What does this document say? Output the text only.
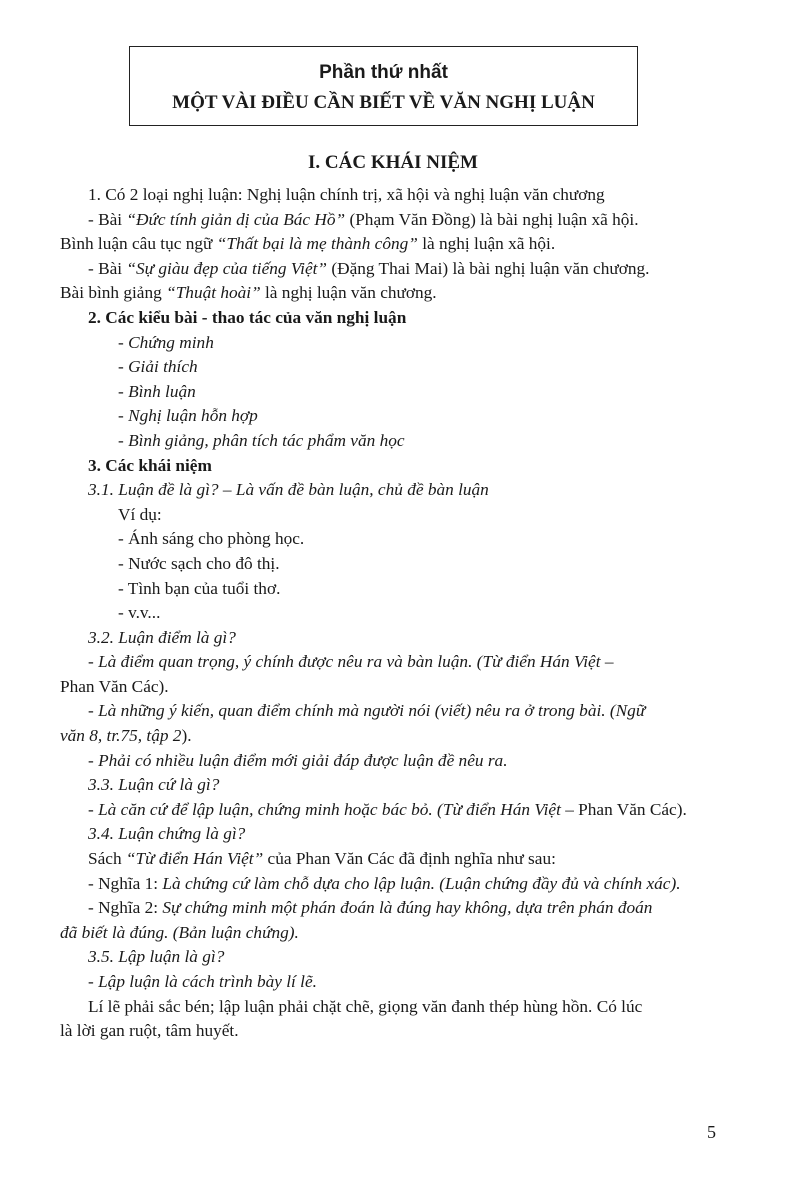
Phần thứ nhất
MỘT VÀI ĐIỀU CẦN BIẾT VỀ VĂN NGHỊ LUẬN
I. CÁC KHÁI NIỆM
1. Có 2 loại nghị luận: Nghị luận chính trị, xã hội và nghị luận văn chương
- Bài “Đức tính giản dị của Bác Hồ” (Phạm Văn Đồng) là bài nghị luận xã hội.
Bình luận câu tục ngữ “Thất bại là mẹ thành công” là nghị luận xã hội.
- Bài “Sự giàu đẹp của tiếng Việt” (Đặng Thai Mai) là bài nghị luận văn chương.
Bài bình giảng “Thuật hoài” là nghị luận văn chương.
2. Các kiểu bài - thao tác của văn nghị luận
- Chứng minh
- Giải thích
- Bình luận
- Nghị luận hỗn hợp
- Bình giảng, phân tích tác phẩm văn học
3. Các khái niệm
3.1. Luận đề là gì? – Là vấn đề bàn luận, chủ đề bàn luận
Ví dụ:
- Ánh sáng cho phòng học.
- Nước sạch cho đô thị.
- Tình bạn của tuổi thơ.
- v.v...
3.2. Luận điểm là gì?
- Là điểm quan trọng, ý chính được nêu ra và bàn luận. (Từ điển Hán Việt –
Phan Văn Các).
- Là những ý kiến, quan điểm chính mà người nói (viết) nêu ra ở trong bài. (Ngữ
văn 8, tr.75, tập 2).
- Phải có nhiều luận điểm mới giải đáp được luận đề nêu ra.
3.3. Luận cứ là gì?
- Là căn cứ để lập luận, chứng minh hoặc bác bỏ. (Từ điển Hán Việt – Phan Văn Các).
3.4. Luận chứng là gì?
Sách “Từ điển Hán Việt” của Phan Văn Các đã định nghĩa như sau:
- Nghĩa 1: Là chứng cứ làm chỗ dựa cho lập luận. (Luận chứng đầy đủ và chính xác).
- Nghĩa 2: Sự chứng minh một phán đoán là đúng hay không, dựa trên phán đoán
đã biết là đúng. (Bản luận chứng).
3.5. Lập luận là gì?
- Lập luận là cách trình bày lí lẽ.
Lí lẽ phải sắc bén; lập luận phải chặt chẽ, giọng văn đanh thép hùng hồn. Có lúc
là lời gan ruột, tâm huyết.
5
